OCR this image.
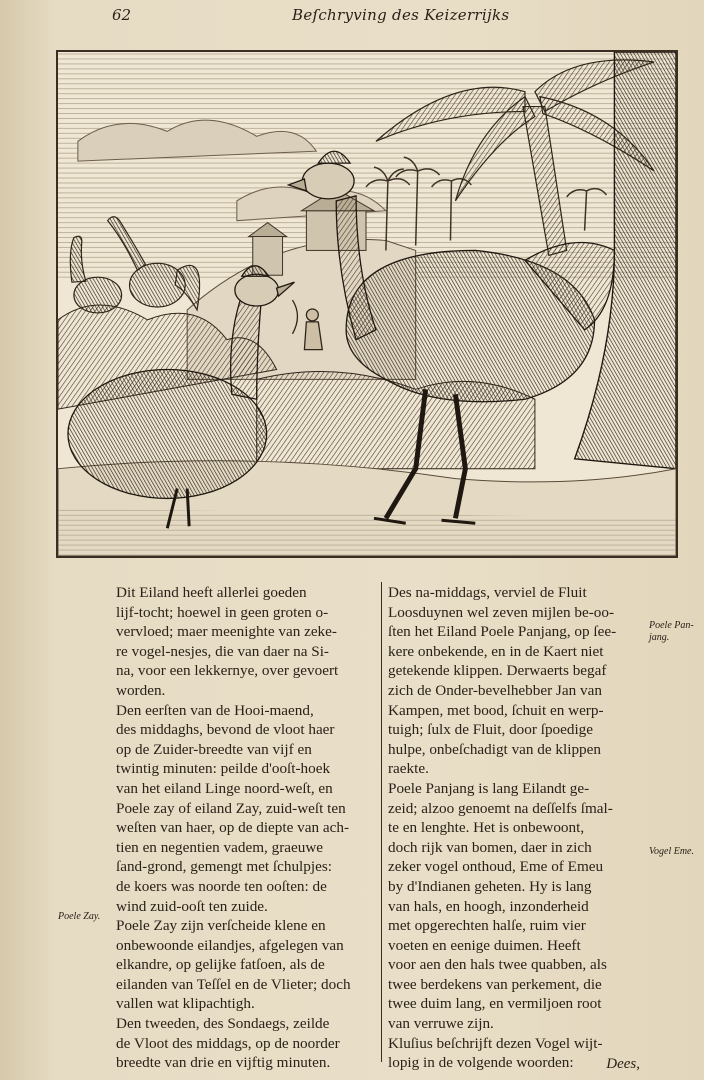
62	Beſchryving des Keizerrijks
Dit Eiland heeft allerlei goeden
lijf-tocht; hoewel in geen groten o-
vervloed; maer meenighte van zeke-
re vogel-nesjes, die van daer na Si-
na, voor een lekkernye, over gevoert
worden.
Den eerſten van de Hooi-maend,
des middaghs, bevond de vloot haer
op de Zuider-breedte van vijf en
twintig minuten: peilde d'ooſt-hoek
van het eiland Linge noord-weſt, en
Poele zay of eiland Zay, zuid-weſt ten
weſten van haer, op de diepte van ach-
tien en negentien vadem, graeuwe
ſand-grond, gemengt met ſchulpjes:
de koers was noorde ten ooſten: de
wind zuid-ooſt ten zuide.
Poele Zay zijn verſcheide klene en
onbewoonde eilandjes, afgelegen van
elkandre, op gelijke fatſoen, als de
eilanden van Teſſel en de Vlieter; doch
vallen wat klipachtigh.
Den tweeden, des Sondaegs, zeilde
de Vloot des middags, op de noorder
breedte van drie en vijftig minuten.
Des na-middags, verviel de Fluit
Loosduynen wel zeven mijlen be-oo-
ſten het Eiland Poele Panjang, op ſee-
kere onbekende, en in de Kaert niet
getekende klippen. Derwaerts begaf
zich de Onder-bevelhebber Jan van
Kampen, met bood, ſchuit en werp-
tuigh; ſulx de Fluit, door ſpoedige
hulpe, onbeſchadigt van de klippen
raekte.
Poele Panjang is lang Eilandt ge-
zeid; alzoo genoemt na deſſelfs ſmal-
te en lenghte. Het is onbewoont,
doch rijk van bomen, daer in zich
zeker vogel onthoud, Eme of Emeu
by d'Indianen geheten. Hy is lang
van hals, en hoogh, inzonderheid
met opgerechten halſe, ruim vier
voeten en eenige duimen. Heeft
voor aen den hals twee quabben, als
twee berdekens van perkement, die
twee duim lang, en vermiljoen root
van verruwe zijn.
Kluſius beſchrijft dezen Vogel wijt-
lopig in de volgende woorden:
Poele Pan-jang.
Poele Zay.
Vogel Eme.
Dees,
